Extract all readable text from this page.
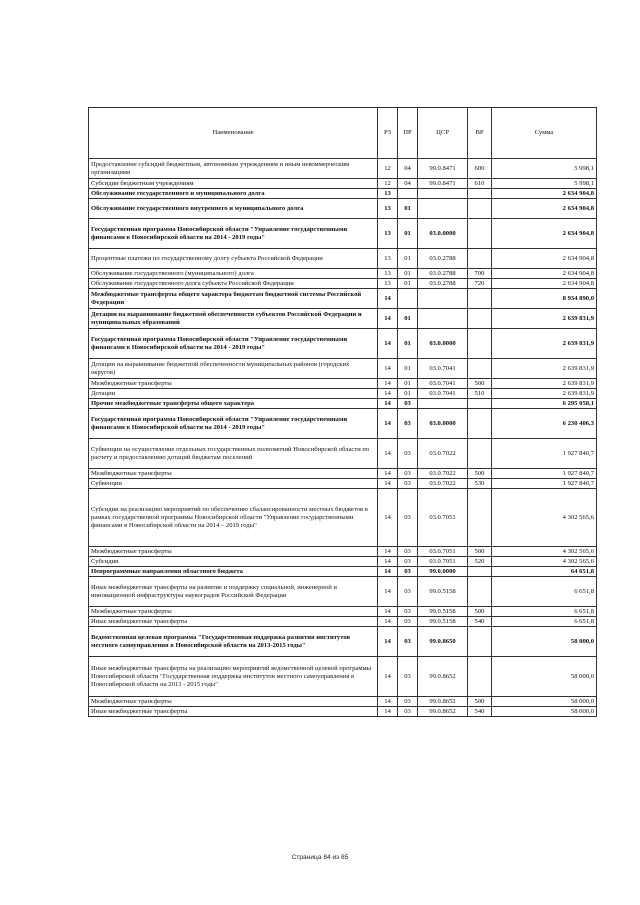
Наименование	РЗ	ПР	ЦСР	ВР	Сумма
Предоставление субсидий бюджетным, автономным учреждениям и иным некоммерческим организациям	12	04	99.0.8471	600	5 998,1
Субсидии бюджетным учреждениям	12	04	99.0.8471	610	5 998,1
Обслуживание государственного и муниципального долга	13				2 634 904,8
Обслуживание государственного внутреннего и муниципального долга	13	01			2 634 904,8
Государственная программа Новосибирской области "Управление государственными финансами в Новосибирской области на 2014 - 2019 годы"	13	01	03.0.0000		2 634 904,8
Процентные платежи по государственному долгу субъекта Российской Федерации	13	01	03.0.2788		2 634 904,8
Обслуживание государственного (муниципального) долга	13	01	03.0.2788	700	2 634 904,8
Обслуживание государственного долга субъекта Российской Федерации	13	01	03.0.2788	720	2 634 904,8
Межбюджетные трансферты общего характера бюджетам бюджетной системы Российской Федерации	14				8 934 890,0
Дотации на выравнивание бюджетной обеспеченности субъектов Российской Федерации и муниципальных образований	14	01			2 639 831,9
Государственная программа Новосибирской области "Управление государственными финансами в Новосибирской области на 2014 - 2019 годы"	14	01	03.0.0000		2 639 831,9
Дотации на выравнивание бюджетной обеспеченности муниципальных районов (городских округов)	14	01	03.0.7041		2 639 831,9
Межбюджетные трансферты	14	01	03.0.7041	500	2 639 831,9
Дотации	14	01	03.0.7041	510	2 639 831,9
Прочие межбюджетные трансферты общего характера	14	03			6 295 058,1
Государственная программа Новосибирской области "Управление государственными финансами в Новосибирской области на 2014 - 2019 годы"	14	03	03.0.0000		6 230 406,3
Субвенции на осуществление отдельных государственных полномочий Новосибирской области по расчету и предоставлению дотаций бюджетам поселений	14	03	03.0.7022		1 927 840,7
Межбюджетные трансферты	14	03	03.0.7022	500	1 927 840,7
Субвенции	14	03	03.0.7022	530	1 927 840,7
Субсидии на реализацию мероприятий по обеспечению сбалансированности местных бюджетов в рамках государственной программы Новосибирской области "Управление государственными финансами в Новосибирской области на 2014 – 2019 годы"	14	03	03.0.7051		4 302 565,6
Межбюджетные трансферты	14	03	03.0.7051	500	4 302 565,6
Субсидии	14	03	03.0.7051	520	4 302 565,6
Непрограммные направления областного бюджета	14	03	99.0.0000		64 651,8
Иные межбюджетные трансферты на развитие и поддержку социальной, инженерной и инновационной инфраструктуры наукоградов Российской Федерации	14	03	99.0.5158		6 651,8
Межбюджетные трансферты	14	03	99.0.5158	500	6 651,8
Иные межбюджетные трансферты	14	03	99.0.5158	540	6 651,8
Ведомственная целевая программа "Государственная поддержка развития институтов местного самоуправления в Новосибирской области на 2013-2015 годы"	14	03	99.0.8650		58 000,0
Иные межбюджетные трансферты на реализацию мероприятий ведомственной целевой программы Новосибирской области "Государственная поддержка институтов местного самоуправления в Новосибирской области на 2013 - 2015 годы"	14	03	99.0.8652		58 000,0
Межбюджетные трансферты	14	03	99.0.8652	500	58 000,0
Иные межбюджетные трансферты	14	03	99.0.8652	540	58 000,0
Страница 84 из 85
